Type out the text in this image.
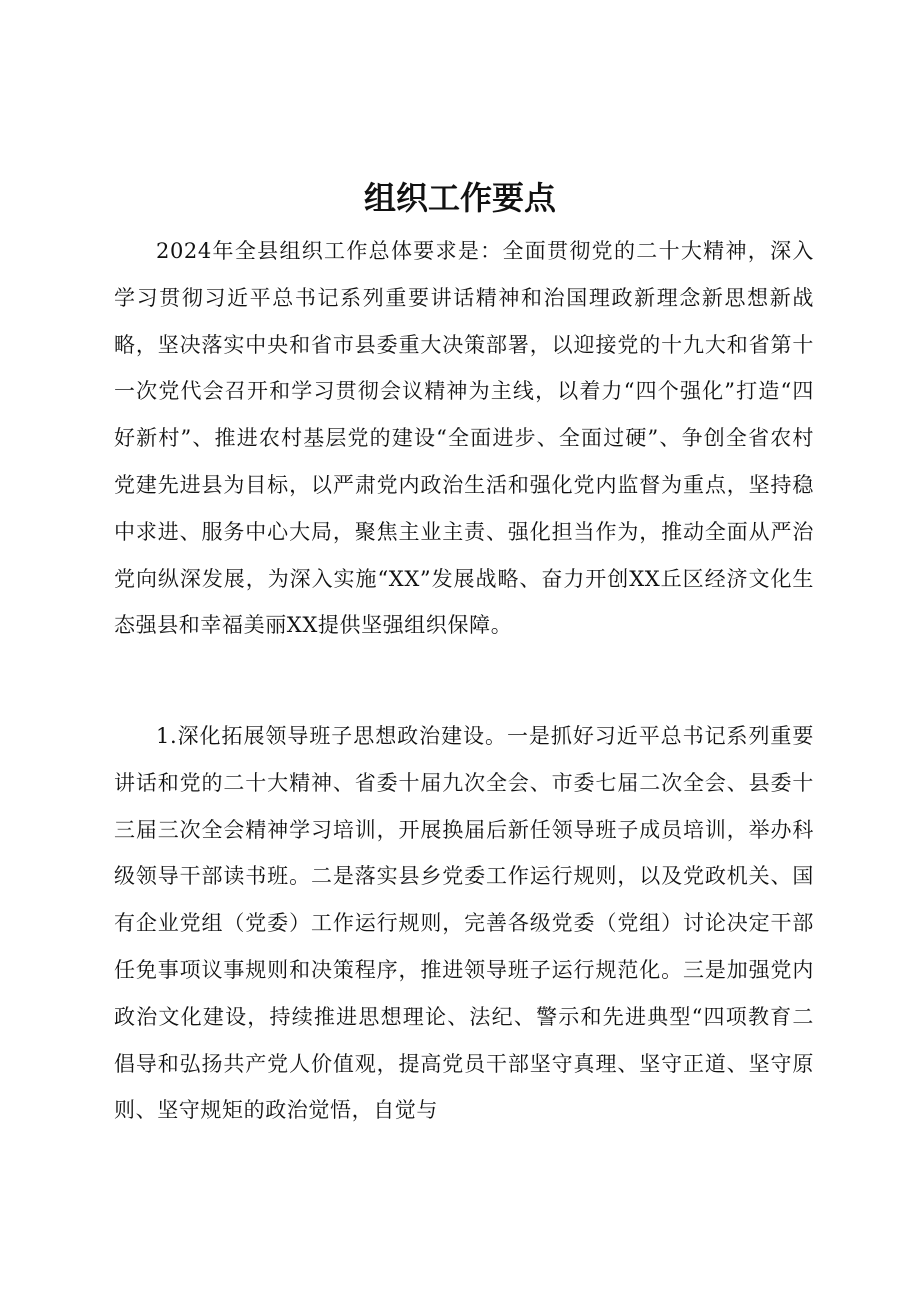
组织工作要点

2024年全县组织工作总体要求是：全面贯彻党的二十大精神，深入学习贯彻习近平总书记系列重要讲话精神和治国理政新理念新思想新战略，坚决落实中央和省市县委重大决策部署，以迎接党的十九大和省第十一次党代会召开和学习贯彻会议精神为主线，以着力“四个强化”打造“四好新村”、推进农村基层党的建设“全面进步、全面过硬”、争创全省农村党建先进县为目标，以严肃党内政治生活和强化党内监督为重点，坚持稳中求进、服务中心大局，聚焦主业主责、强化担当作为，推动全面从严治党向纵深发展，为深入实施“XX”发展战略、奋力开创XX丘区经济文化生态强县和幸福美丽XX提供坚强组织保障。

1.深化拓展领导班子思想政治建设。一是抓好习近平总书记系列重要讲话和党的二十大精神、省委十届九次全会、市委七届二次全会、县委十三届三次全会精神学习培训，开展换届后新任领导班子成员培训，举办科级领导干部读书班。二是落实县乡党委工作运行规则，以及党政机关、国有企业党组（党委）工作运行规则，完善各级党委（党组）讨论决定干部任免事项议事规则和决策程序，推进领导班子运行规范化。三是加强党内政治文化建设，持续推进思想理论、法纪、警示和先进典型“四项教育二倡导和弘扬共产党人价值观，提高党员干部坚守真理、坚守正道、坚守原则、坚守规矩的政治觉悟，自觉与
